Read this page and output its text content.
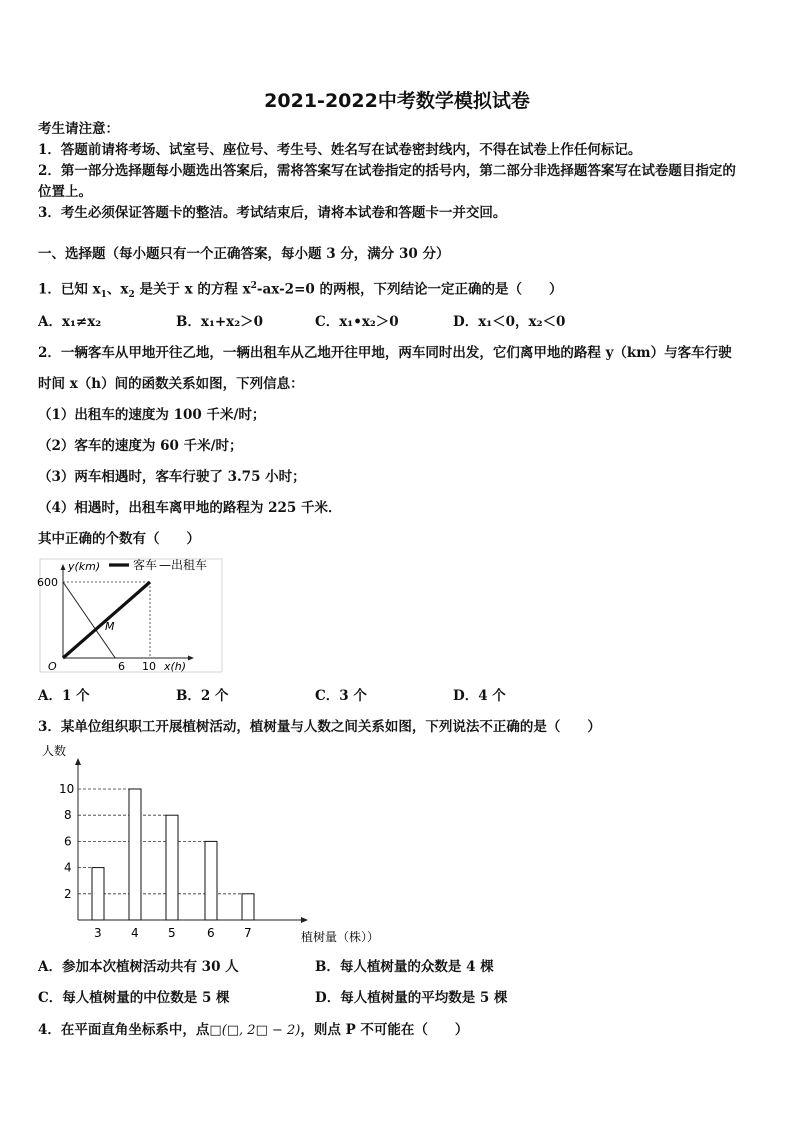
2021-2022中考数学模拟试卷
考生请注意：
1．答题前请将考场、试室号、座位号、考生号、姓名写在试卷密封线内，不得在试卷上作任何标记。
2．第一部分选择题每小题选出答案后，需将答案写在试卷指定的括号内，第二部分非选择题答案写在试卷题目指定的
位置上。
3．考生必须保证答题卡的整洁。考试结束后，请将本试卷和答题卡一并交回。
一、选择题（每小题只有一个正确答案，每小题 3 分，满分 30 分）
1．已知 $x_1$、$x_2$ 是关于 x 的方程 $x^2-ax-2=0$ 的两根，下列结论一定正确的是（　　）
A．x₁≠x₂	B．x₁+x₂＞0	C．x₁•x₂＞0	D．x₁＜0，x₂＜0
2．一辆客车从甲地开往乙地，一辆出租车从乙地开往甲地，两车同时出发，它们离甲地的路程 y（km）与客车行驶
时间 x（h）间的函数关系如图，下列信息：
（1）出租车的速度为 100 千米/时；
（2）客车的速度为 60 千米/时；
（3）两车相遇时，客车行驶了 3.75 小时；
（4）相遇时，出租车离甲地的路程为 225 千米．
其中正确的个数有（　　）
客车 —出租车
y(km)
600
O	6 10 x(h)
M
A．1 个	B．2 个	C．3 个	D．4 个
3．某单位组织职工开展植树活动，植树量与人数之间关系如图，下列说法不正确的是（　　）
人数
2
4
6
8
10
3 4 5	6 7	植树量（株））
A．参加本次植树活动共有 30 人	B．每人植树量的众数是 4 棵
C．每人植树量的中位数是 5 棵	D．每人植树量的平均数是 5 棵
4．在平面直角坐标系中，点□(□, 2□ − 2)，则点 P 不可能在（　　）
